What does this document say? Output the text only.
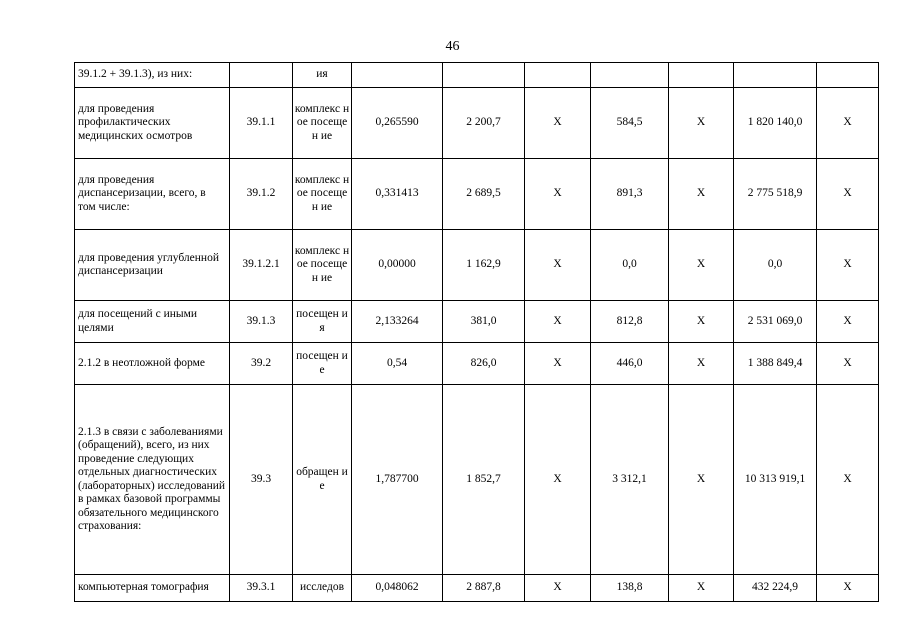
46
39.1.2 + 39.1.3), из них:		ия							
для проведения профилактических медицинских осмотров	39.1.1	комплекс ное посещен ие	0,265590	2 200,7	X	584,5	X	1 820 140,0	X
для проведения диспансеризации, всего, в том числе:	39.1.2	комплекс ное посещен ие	0,331413	2 689,5	X	891,3	X	2 775 518,9	X
для проведения углубленной диспансеризации	39.1.2.1	комплекс ное посещен ие	0,00000	1 162,9	X	0,0	X	0,0	X
для посещений с иными целями	39.1.3	посещен ия	2,133264	381,0	X	812,8	X	2 531 069,0	X
2.1.2 в неотложной форме	39.2	посещен ие	0,54	826,0	X	446,0	X	1 388 849,4	X
2.1.3 в связи с заболеваниями (обращений), всего, из них проведение следующих отдельных диагностических (лабораторных) исследований в рамках базовой программы обязательного медицинского страхования:	39.3	обращен ие	1,787700	1 852,7	X	3 312,1	X	10 313 919,1	X
компьютерная томография	39.3.1	исследов	0,048062	2 887,8	X	138,8	X	432 224,9	X
